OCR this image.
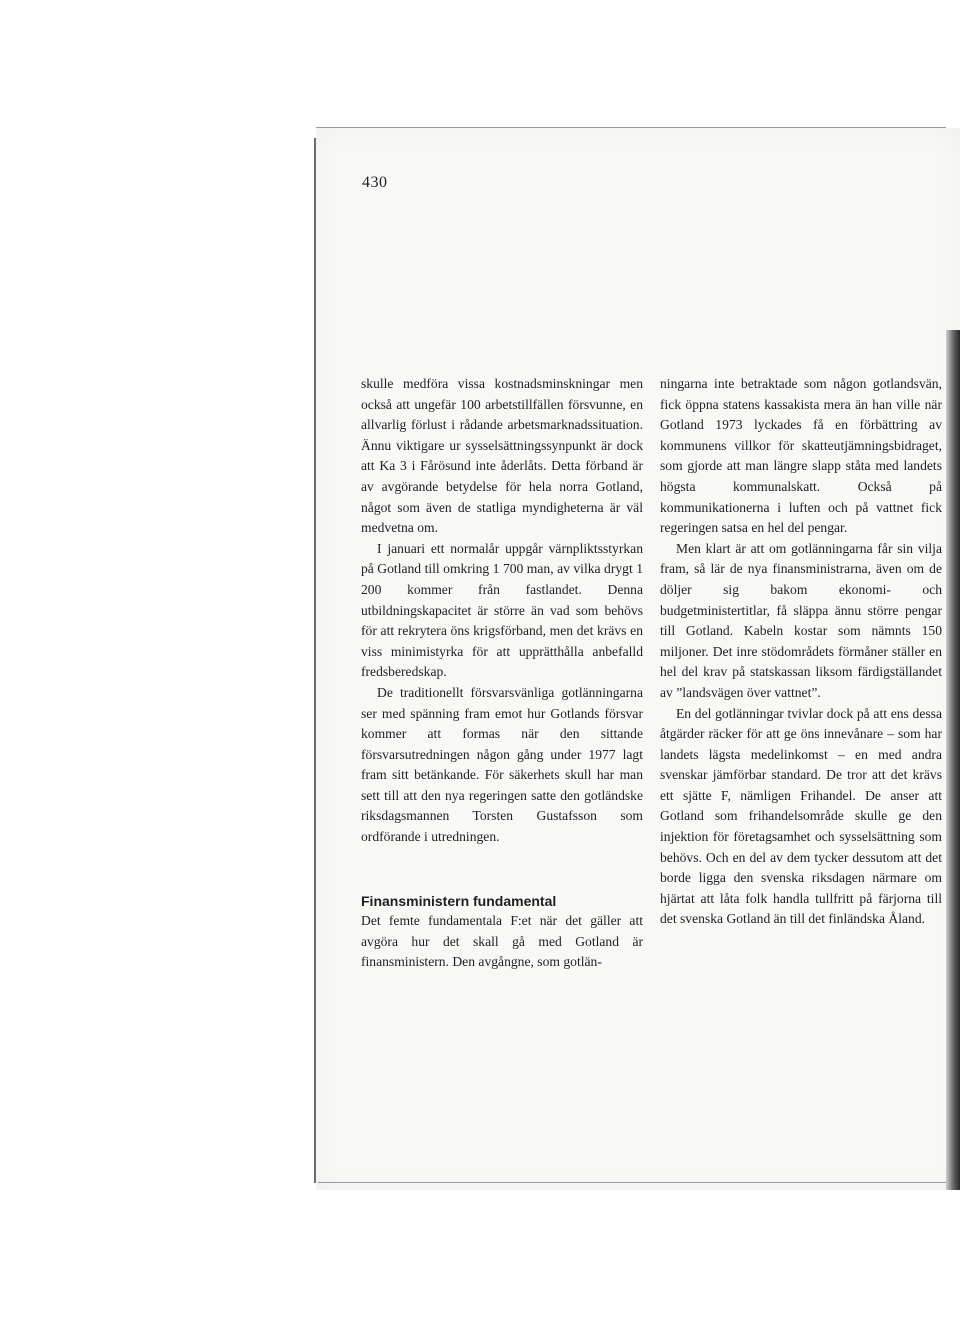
430

skulle medföra vissa kostnadsminskningar men också att ungefär 100 arbetstillfällen försvunne, en allvarlig förlust i rådande arbetsmarknadssituation. Ännu viktigare ur sysselsättningssynpunkt är dock att Ka 3 i Fårösund inte åderlåts. Detta förband är av avgörande betydelse för hela norra Gotland, något som även de statliga myndigheterna är väl medvetna om.

I januari ett normalår uppgår värnpliktsstyrkan på Gotland till omkring 1 700 man, av vilka drygt 1 200 kommer från fastlandet. Denna utbildningskapacitet är större än vad som behövs för att rekrytera öns krigsförband, men det krävs en viss minimistyrka för att upprätthålla anbefalld fredsberedskap.

De traditionellt försvarsvänliga gotlänningarna ser med spänning fram emot hur Gotlands försvar kommer att formas när den sittande försvarsutredningen någon gång under 1977 lagt fram sitt betänkande. För säkerhets skull har man sett till att den nya regeringen satte den gotländske riksdagsmannen Torsten Gustafsson som ordförande i utredningen.

Finansministern fundamental

Det femte fundamentala F:et när det gäller att avgöra hur det skall gå med Gotland är finansministern. Den avgångne, som gotlän-

ningarna inte betraktade som någon gotlandsvän, fick öppna statens kassakista mera än han ville när Gotland 1973 lyckades få en förbättring av kommunens villkor för skatteutjämningsbidraget, som gjorde att man längre slapp ståta med landets högsta kommunalskatt. Också på kommunikationerna i luften och på vattnet fick regeringen satsa en hel del pengar.

Men klart är att om gotlänningarna får sin vilja fram, så lär de nya finansministrarna, även om de döljer sig bakom ekonomi- och budgetministertitlar, få släppa ännu större pengar till Gotland. Kabeln kostar som nämnts 150 miljoner. Det inre stödområdets förmåner ställer en hel del krav på statskassan liksom färdigställandet av ”landsvägen över vattnet”.

En del gotlänningar tvivlar dock på att ens dessa åtgärder räcker för att ge öns innevånare – som har landets lägsta medelinkomst – en med andra svenskar jämförbar standard. De tror att det krävs ett sjätte F, nämligen Frihandel. De anser att Gotland som frihandelsområde skulle ge den injektion för företagsamhet och sysselsättning som behövs. Och en del av dem tycker dessutom att det borde ligga den svenska riksdagen närmare om hjärtat att låta folk handla tullfritt på färjorna till det svenska Gotland än till det finländska Åland.
